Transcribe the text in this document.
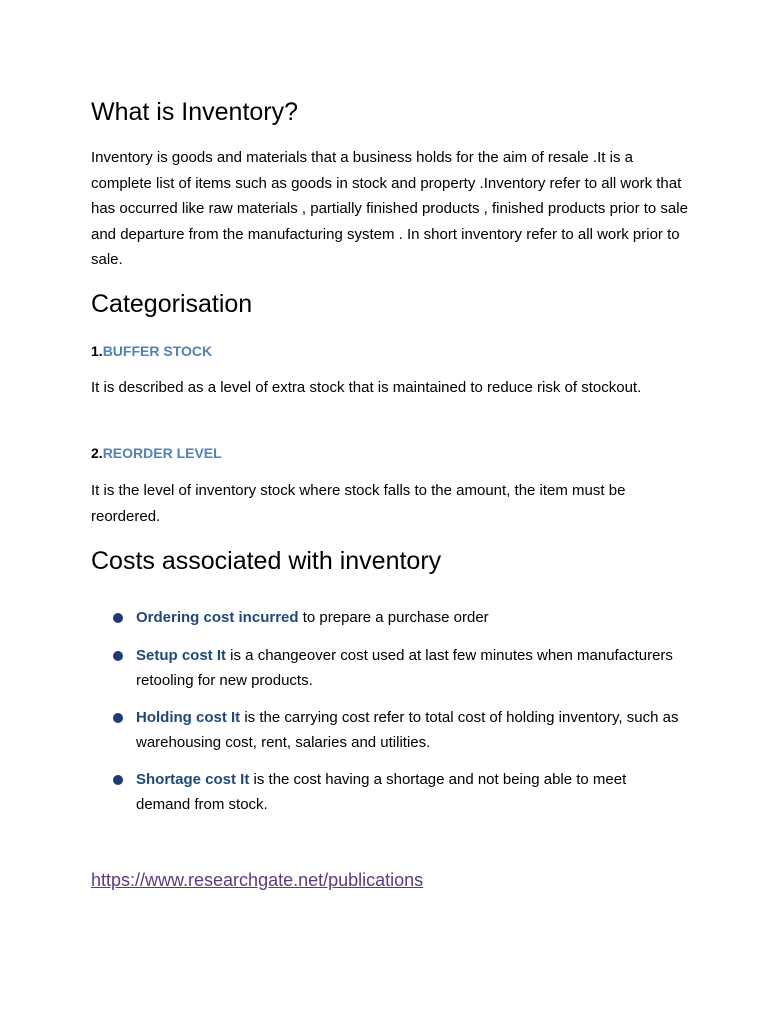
What is Inventory?

Inventory is goods and materials that a business holds for the aim of resale .It is a complete list of items such as goods in stock and property .Inventory refer to all work that has occurred like raw materials , partially finished products , finished products prior to sale and departure from the manufacturing system . In short inventory refer to all work prior to sale.

Categorisation
1.BUFFER STOCK

It is described as a level of extra stock that is maintained to reduce risk of stockout.

2.REORDER LEVEL

It is the level of inventory stock where stock falls to the amount, the item must be reordered.

Costs associated with inventory
Ordering cost incurred to prepare a purchase order
Setup cost It is a changeover cost used at last few minutes when manufacturers retooling for new products.
Holding cost It is the carrying cost refer to total cost of holding inventory, such as warehousing cost, rent, salaries and utilities.
Shortage cost It is the cost having a shortage and not being able to meet demand from stock.
https://www.researchgate.net/publications
